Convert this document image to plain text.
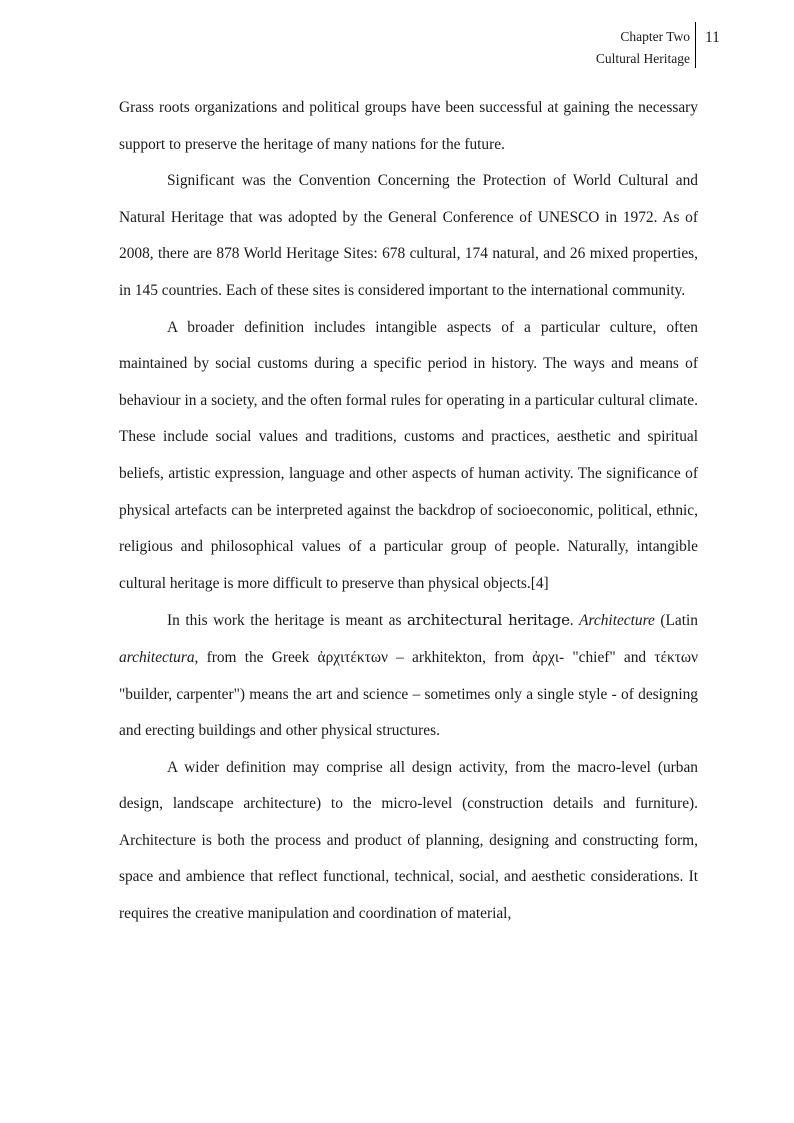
Chapter Two
Cultural Heritage
11

Grass roots organizations and political groups have been successful at gaining the necessary support to preserve the heritage of many nations for the future.

Significant was the Convention Concerning the Protection of World Cultural and Natural Heritage that was adopted by the General Conference of UNESCO in 1972. As of 2008, there are 878 World Heritage Sites: 678 cultural, 174 natural, and 26 mixed properties, in 145 countries. Each of these sites is considered important to the international community.

A broader definition includes intangible aspects of a particular culture, often maintained by social customs during a specific period in history. The ways and means of behaviour in a society, and the often formal rules for operating in a particular cultural climate. These include social values and traditions, customs and practices, aesthetic and spiritual beliefs, artistic expression, language and other aspects of human activity. The significance of physical artefacts can be interpreted against the backdrop of socioeconomic, political, ethnic, religious and philosophical values of a particular group of people. Naturally, intangible cultural heritage is more difficult to preserve than physical objects.[4]

In this work the heritage is meant as architectural heritage. Architecture (Latin architectura, from the Greek ἀρχιτέκτων – arkhitekton, from ἀρχι- "chief" and τέκτων "builder, carpenter") means the art and science – sometimes only a single style - of designing and erecting buildings and other physical structures.

A wider definition may comprise all design activity, from the macro-level (urban design, landscape architecture) to the micro-level (construction details and furniture). Architecture is both the process and product of planning, designing and constructing form, space and ambience that reflect functional, technical, social, and aesthetic considerations. It requires the creative manipulation and coordination of material,
